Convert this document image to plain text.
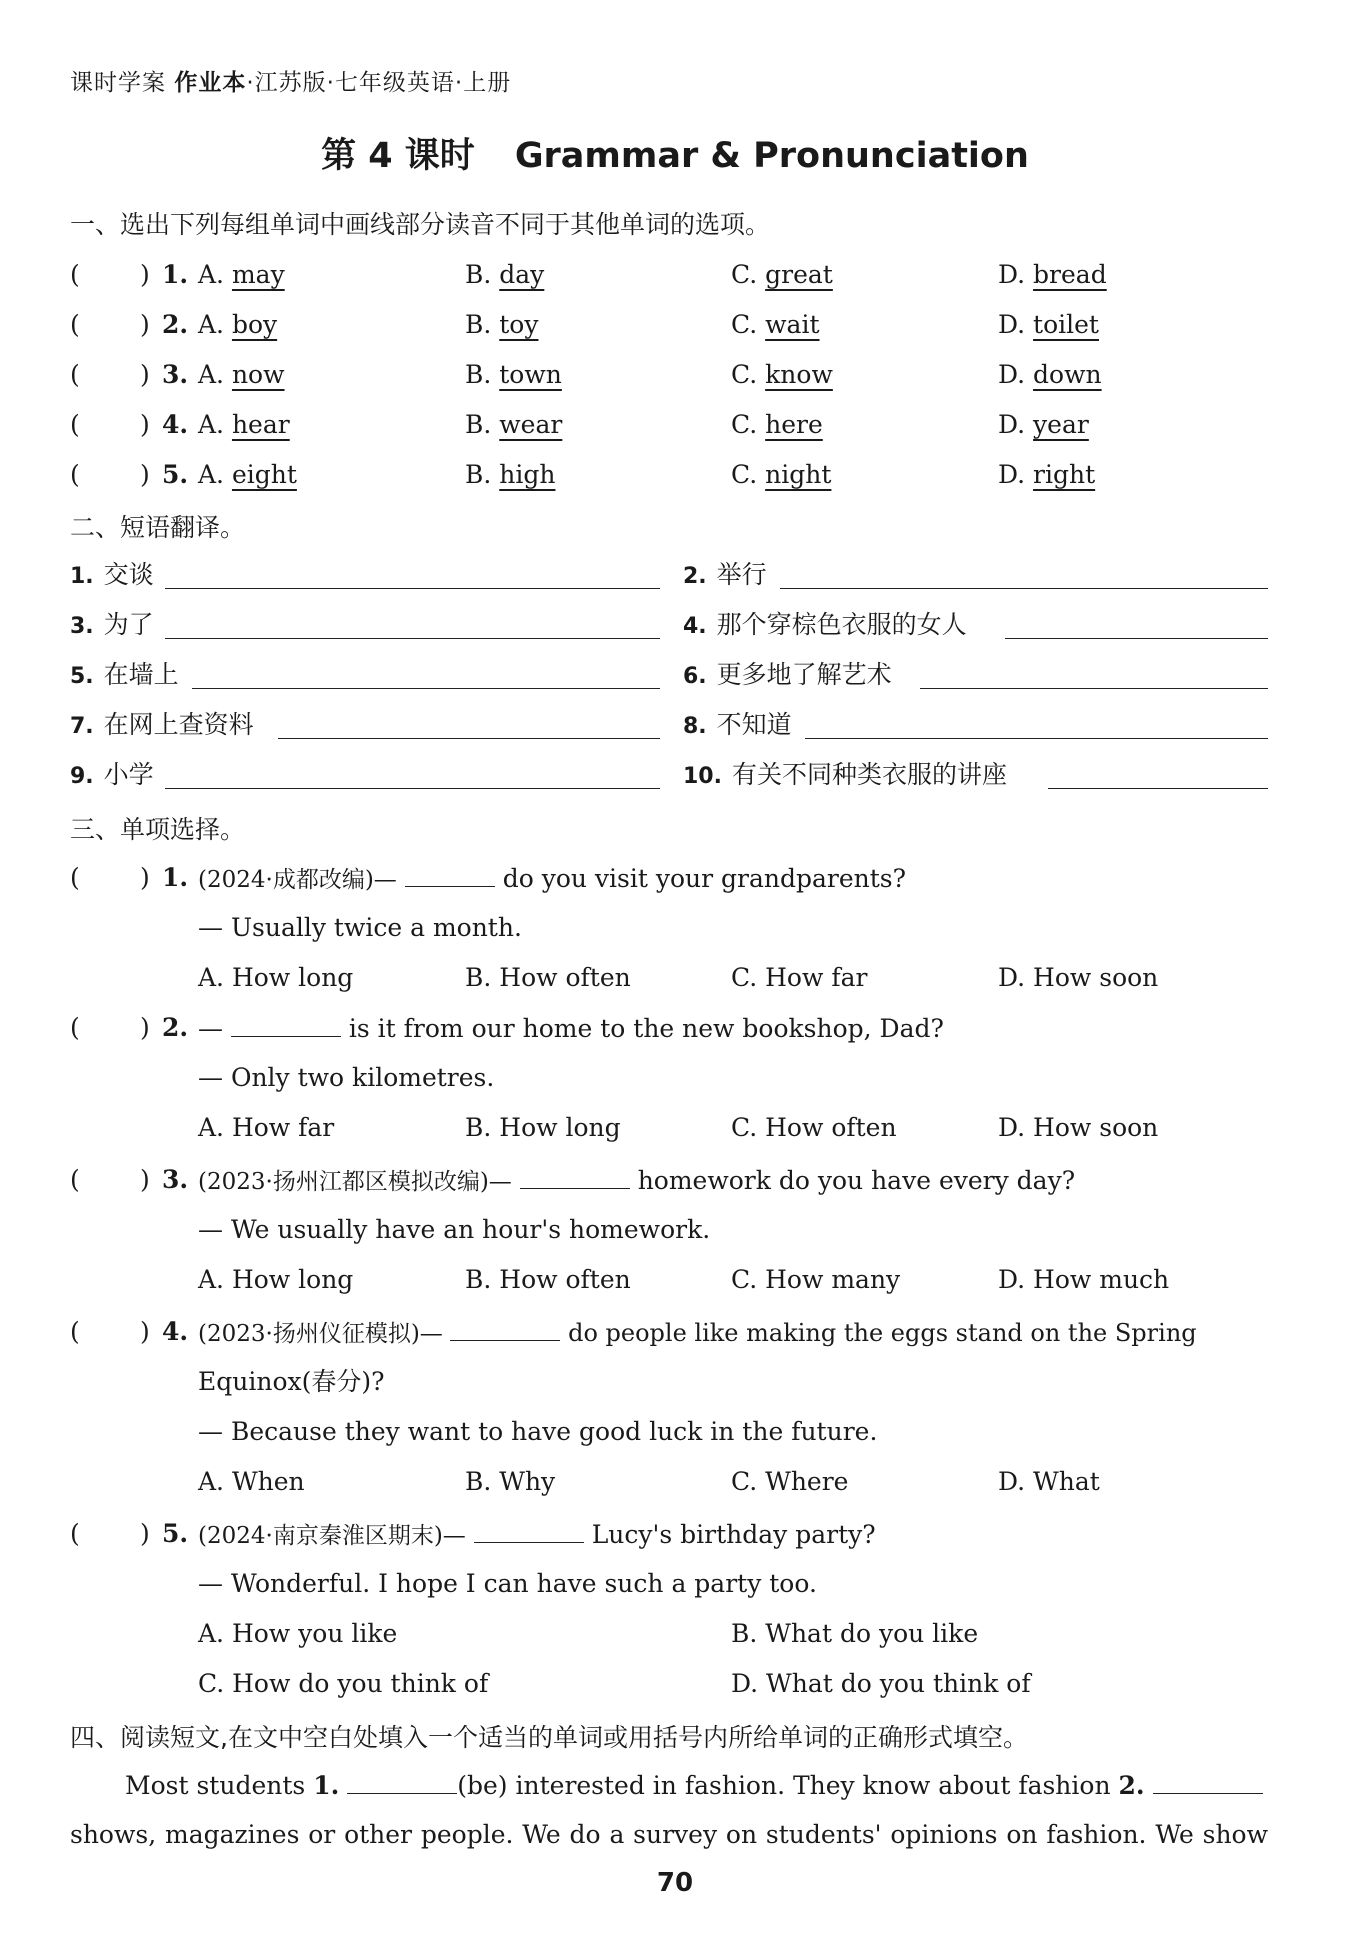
课时学案 作业本·江苏版·七年级英语·上册
第 4 课时 Grammar & Pronunciation
一、选出下列每组单词中画线部分读音不同于其他单词的选项。
( ) 1. A. may	B. day	C. great	D. bread
( ) 2. A. boy	B. toy	C. wait	D. toilet
( ) 3. A. now	B. town	C. know	D. down
( ) 4. A. hear	B. wear	C. here	D. year
( ) 5. A. eight	B. high	C. night	D. right
二、短语翻译。
1. 交谈	2. 举行
3. 为了	4. 那个穿棕色衣服的女人
5. 在墙上	6. 更多地了解艺术
7. 在网上查资料	8. 不知道
9. 小学	10. 有关不同种类衣服的讲座
三、单项选择。
( ) 1. (2024·成都改编)—	do you visit your grandparents?
— Usually twice a month.
A. How long	B. How often	C. How far	D. How soon
( ) 2. —	is it from our home to the new bookshop, Dad?
— Only two kilometres.
A. How far	B. How long	C. How often	D. How soon
( ) 3. (2023·扬州江都区模拟改编)—	homework do you have every day?
— We usually have an hour's homework.
A. How long	B. How often	C. How many	D. How much
( ) 4. (2023·扬州仪征模拟)—	do people like making the eggs stand on the Spring
Equinox(春分)?
— Because they want to have good luck in the future.
A. When	B. Why	C. Where	D. What
( ) 5. (2024·南京秦淮区期末)—	Lucy's birthday party?
— Wonderful. I hope I can have such a party too.
A. How you like	B. What do you like
C. How do you think of	D. What do you think of
四、阅读短文,在文中空白处填入一个适当的单词或用括号内所给单词的正确形式填空。
Most students 1.	(be) interested in fashion. They know about fashion 2.
shows, magazines or other people. We do a survey on students' opinions on fashion. We show
70
